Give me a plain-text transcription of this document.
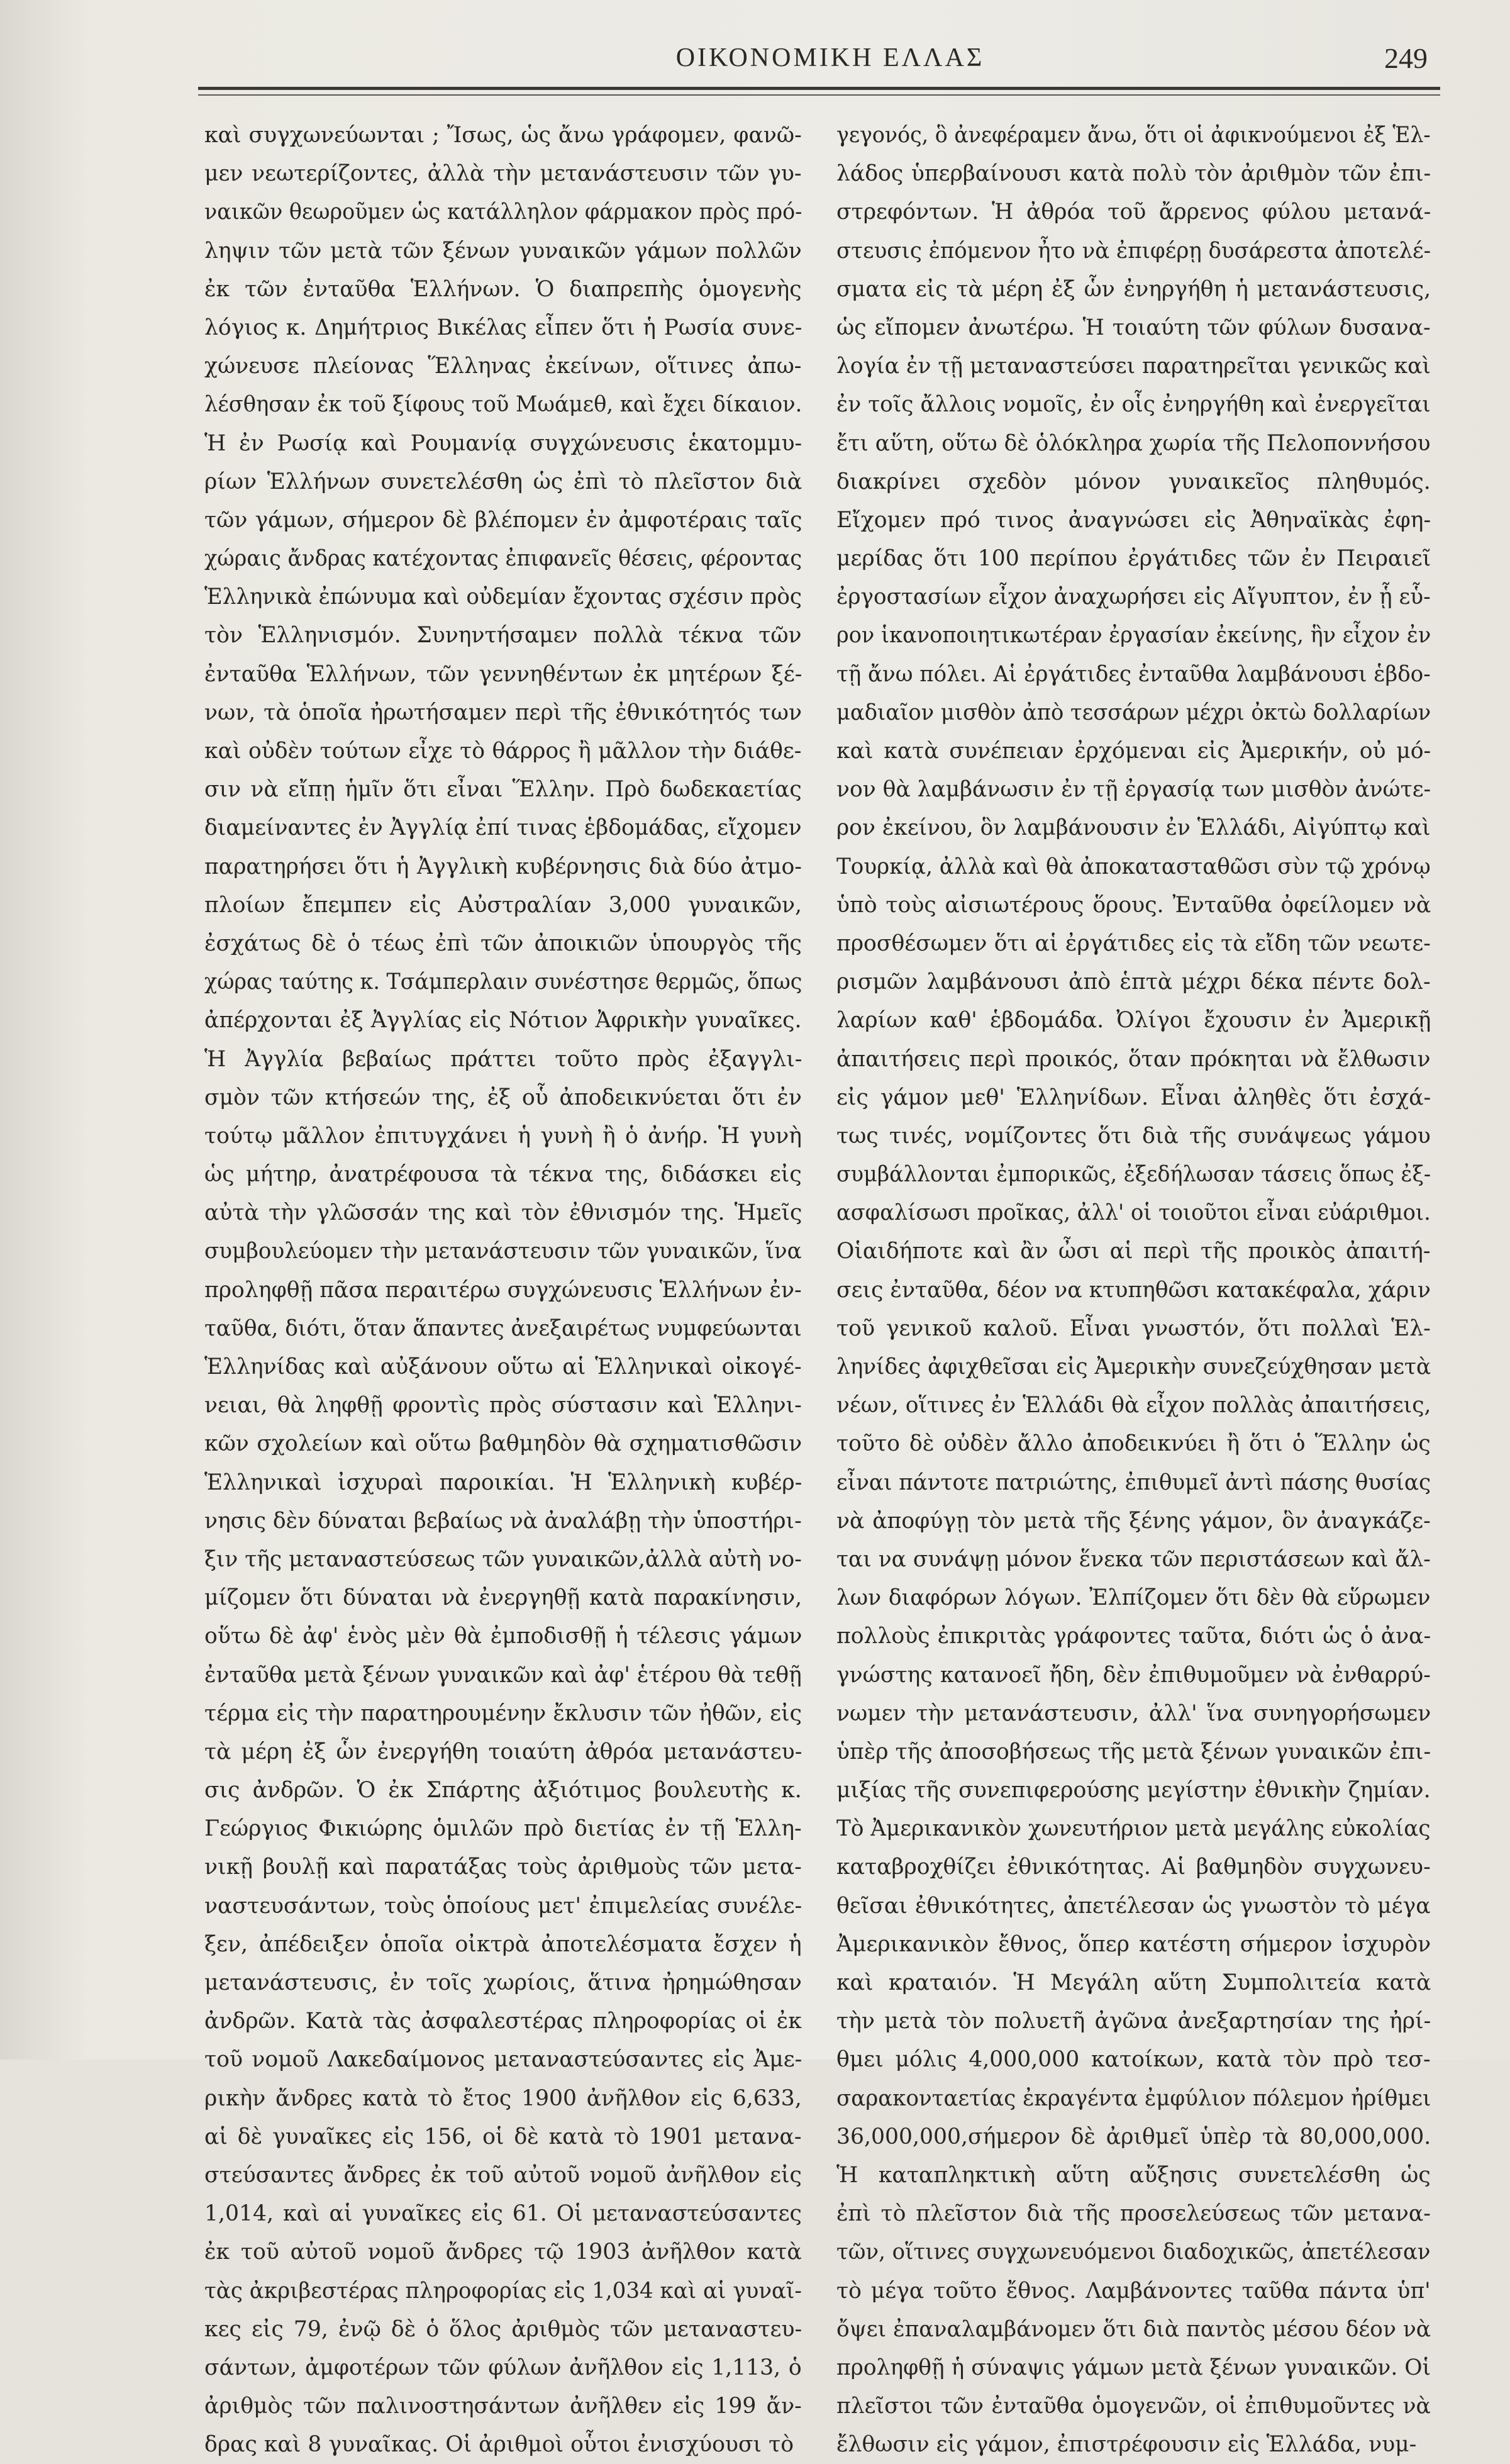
ΟΙΚΟΝΟΜΙΚΗ ΕΛΛΑΣ	249
καὶ συγχωνεύωνται ; Ἴσως, ὡς ἄνω γράφομεν, φανῶ-
μεν νεωτερίζοντες, ἀλλὰ τὴν μετανάστευσιν τῶν γυ-
ναικῶν θεωροῦμεν ὡς κατάλληλον φάρμακον πρὸς πρό-
ληψιν τῶν μετὰ τῶν ξένων γυναικῶν γάμων πολλῶν
ἐκ τῶν ἐνταῦθα Ἑλλήνων. Ὁ διαπρεπὴς ὁμογενὴς
λόγιος κ. Δημήτριος Βικέλας εἶπεν ὅτι ἡ Ρωσία συνε-
χώνευσε πλείονας Ἕλληνας ἐκείνων, οἵτινες ἀπω-
λέσθησαν ἐκ τοῦ ξίφους τοῦ Μωάμεθ, καὶ ἔχει δίκαιον.
Ἡ ἐν Ρωσίᾳ καὶ Ρουμανίᾳ συγχώνευσις ἑκατομμυ-
ρίων Ἑλλήνων συνετελέσθη ὡς ἐπὶ τὸ πλεῖστον διὰ
τῶν γάμων, σήμερον δὲ βλέπομεν ἐν ἀμφοτέραις ταῖς
χώραις ἄνδρας κατέχοντας ἐπιφανεῖς θέσεις, φέροντας
Ἑλληνικὰ ἐπώνυμα καὶ οὐδεμίαν ἔχοντας σχέσιν πρὸς
τὸν Ἑλληνισμόν. Συνηντήσαμεν πολλὰ τέκνα τῶν
ἐνταῦθα Ἑλλήνων, τῶν γεννηθέντων ἐκ μητέρων ξέ-
νων, τὰ ὁποῖα ἠρωτήσαμεν περὶ τῆς ἐθνικότητός των
καὶ οὐδὲν τούτων εἶχε τὸ θάρρος ἢ μᾶλλον τὴν διάθε-
σιν νὰ εἴπῃ ἡμῖν ὅτι εἶναι Ἕλλην. Πρὸ δωδεκαετίας
διαμείναντες ἐν Ἀγγλίᾳ ἐπί τινας ἑβδομάδας, εἴχομεν
παρατηρήσει ὅτι ἡ Ἀγγλικὴ κυβέρνησις διὰ δύο ἀτμο-
πλοίων ἔπεμπεν εἰς Αὐστραλίαν 3,000 γυναικῶν,
ἐσχάτως δὲ ὁ τέως ἐπὶ τῶν ἀποικιῶν ὑπουργὸς τῆς
χώρας ταύτης κ. Τσάμπερλαιν συνέστησε θερμῶς, ὅπως
ἀπέρχονται ἐξ Ἀγγλίας εἰς Νότιον Ἀφρικὴν γυναῖκες.
Ἡ Ἀγγλία βεβαίως πράττει τοῦτο πρὸς ἐξαγγλι-
σμὸν τῶν κτήσεών της, ἐξ οὗ ἀποδεικνύεται ὅτι ἐν
τούτῳ μᾶλλον ἐπιτυγχάνει ἡ γυνὴ ἢ ὁ ἀνήρ. Ἡ γυνὴ
ὡς μήτηρ, ἀνατρέφουσα τὰ τέκνα της, διδάσκει εἰς
αὐτὰ τὴν γλῶσσάν της καὶ τὸν ἐθνισμόν της. Ἡμεῖς
συμβουλεύομεν τὴν μετανάστευσιν τῶν γυναικῶν, ἵνα
προληφθῇ πᾶσα περαιτέρω συγχώνευσις Ἑλλήνων ἐν-
ταῦθα, διότι, ὅταν ἅπαντες ἀνεξαιρέτως νυμφεύωνται
Ἑλληνίδας καὶ αὐξάνουν οὕτω αἱ Ἑλληνικαὶ οἰκογέ-
νειαι, θὰ ληφθῇ φροντὶς πρὸς σύστασιν καὶ Ἑλληνι-
κῶν σχολείων καὶ οὕτω βαθμηδὸν θὰ σχηματισθῶσιν
Ἑλληνικαὶ ἰσχυραὶ παροικίαι. Ἡ Ἑλληνικὴ κυβέρ-
νησις δὲν δύναται βεβαίως νὰ ἀναλάβῃ τὴν ὑποστήρι-
ξιν τῆς μεταναστεύσεως τῶν γυναικῶν,ἀλλὰ αὐτὴ νο-
μίζομεν ὅτι δύναται νὰ ἐνεργηθῇ κατὰ παρακίνησιν,
οὕτω δὲ ἀφ' ἑνὸς μὲν θὰ ἐμποδισθῇ ἡ τέλεσις γάμων
ἐνταῦθα μετὰ ξένων γυναικῶν καὶ ἀφ' ἑτέρου θὰ τεθῇ
τέρμα εἰς τὴν παρατηρουμένην ἔκλυσιν τῶν ἠθῶν, εἰς
τὰ μέρη ἐξ ὧν ἐνεργήθη τοιαύτη ἀθρόα μετανάστευ-
σις ἀνδρῶν. Ὁ ἐκ Σπάρτης ἀξιότιμος βουλευτὴς κ.
Γεώργιος Φικιώρης ὁμιλῶν πρὸ διετίας ἐν τῇ Ἑλλη-
νικῇ βουλῇ καὶ παρατάξας τοὺς ἀριθμοὺς τῶν μετα-
ναστευσάντων, τοὺς ὁποίους μετ' ἐπιμελείας συνέλε-
ξεν, ἀπέδειξεν ὁποῖα οἰκτρὰ ἀποτελέσματα ἔσχεν ἡ
μετανάστευσις, ἐν τοῖς χωρίοις, ἅτινα ἠρημώθησαν
ἀνδρῶν. Κατὰ τὰς ἀσφαλεστέρας πληροφορίας οἱ ἐκ
τοῦ νομοῦ Λακεδαίμονος μεταναστεύσαντες εἰς Ἀμε-
ρικὴν ἄνδρες κατὰ τὸ ἔτος 1900 ἀνῆλθον εἰς 6,633,
αἱ δὲ γυναῖκες εἰς 156, οἱ δὲ κατὰ τὸ 1901 μετανα-
στεύσαντες ἄνδρες ἐκ τοῦ αὐτοῦ νομοῦ ἀνῆλθον εἰς
1,014, καὶ αἱ γυναῖκες εἰς 61. Οἱ μεταναστεύσαντες
ἐκ τοῦ αὐτοῦ νομοῦ ἄνδρες τῷ 1903 ἀνῆλθον κατὰ
τὰς ἀκριβεστέρας πληροφορίας εἰς 1,034 καὶ αἱ γυναῖ-
κες εἰς 79, ἐνῷ δὲ ὁ ὅλος ἀριθμὸς τῶν μεταναστευ-
σάντων, ἀμφοτέρων τῶν φύλων ἀνῆλθον εἰς 1,113, ὁ
ἀριθμὸς τῶν παλινοστησάντων ἀνῆλθεν εἰς 199 ἄν-
δρας καὶ 8 γυναῖκας. Οἱ ἀριθμοὶ οὗτοι ἐνισχύουσι τὸ
γεγονός, ὃ ἀνεφέραμεν ἄνω, ὅτι οἱ ἀφικνούμενοι ἐξ Ἑλ-
λάδος ὑπερβαίνουσι κατὰ πολὺ τὸν ἀριθμὸν τῶν ἐπι-
στρεφόντων. Ἡ ἀθρόα τοῦ ἄρρενος φύλου μετανά-
στευσις ἐπόμενον ἦτο νὰ ἐπιφέρῃ δυσάρεστα ἀποτελέ-
σματα εἰς τὰ μέρη ἐξ ὧν ἐνηργήθη ἡ μετανάστευσις,
ὡς εἴπομεν ἀνωτέρω. Ἡ τοιαύτη τῶν φύλων δυσανα-
λογία ἐν τῇ μεταναστεύσει παρατηρεῖται γενικῶς καὶ
ἐν τοῖς ἄλλοις νομοῖς, ἐν οἷς ἐνηργήθη καὶ ἐνεργεῖται
ἔτι αὕτη, οὕτω δὲ ὁλόκληρα χωρία τῆς Πελοποννήσου
διακρίνει σχεδὸν μόνον γυναικεῖος πληθυμός.
Εἴχομεν πρό τινος ἀναγνώσει εἰς Ἀθηναϊκὰς ἐφη-
μερίδας ὅτι 100 περίπου ἐργάτιδες τῶν ἐν Πειραιεῖ
ἐργοστασίων εἶχον ἀναχωρήσει εἰς Αἴγυπτον, ἐν ᾗ εὗ-
ρον ἱκανοποιητικωτέραν ἐργασίαν ἐκείνης, ἣν εἶχον ἐν
τῇ ἄνω πόλει. Αἱ ἐργάτιδες ἐνταῦθα λαμβάνουσι ἑβδο-
μαδιαῖον μισθὸν ἀπὸ τεσσάρων μέχρι ὀκτὼ δολλαρίων
καὶ κατὰ συνέπειαν ἐρχόμεναι εἰς Ἀμερικήν, οὐ μό-
νον θὰ λαμβάνωσιν ἐν τῇ ἐργασίᾳ των μισθὸν ἀνώτε-
ρον ἐκείνου, ὃν λαμβάνουσιν ἐν Ἑλλάδι, Αἰγύπτῳ καὶ
Τουρκίᾳ, ἀλλὰ καὶ θὰ ἀποκατασταθῶσι σὺν τῷ χρόνῳ
ὑπὸ τοὺς αἰσιωτέρους ὅρους. Ἐνταῦθα ὀφείλομεν νὰ
προσθέσωμεν ὅτι αἱ ἐργάτιδες εἰς τὰ εἴδη τῶν νεωτε-
ρισμῶν λαμβάνουσι ἀπὸ ἑπτὰ μέχρι δέκα πέντε δολ-
λαρίων καθ' ἑβδομάδα. Ὀλίγοι ἔχουσιν ἐν Ἀμερικῇ
ἀπαιτήσεις περὶ προικός, ὅταν πρόκηται νὰ ἔλθωσιν
εἰς γάμον μεθ' Ἑλληνίδων. Εἶναι ἀληθὲς ὅτι ἐσχά-
τως τινές, νομίζοντες ὅτι διὰ τῆς συνάψεως γάμου
συμβάλλονται ἐμπορικῶς, ἐξεδήλωσαν τάσεις ὅπως ἐξ-
ασφαλίσωσι προῖκας, ἀλλ' οἱ τοιοῦτοι εἶναι εὐάριθμοι.
Οἱαιδήποτε καὶ ἂν ὦσι αἱ περὶ τῆς προικὸς ἀπαιτή-
σεις ἐνταῦθα, δέον να κτυπηθῶσι κατακέφαλα, χάριν
τοῦ γενικοῦ καλοῦ. Εἶναι γνωστόν, ὅτι πολλαὶ Ἑλ-
ληνίδες ἀφιχθεῖσαι εἰς Ἀμερικὴν συνεζεύχθησαν μετὰ
νέων, οἵτινες ἐν Ἑλλάδι θὰ εἶχον πολλὰς ἀπαιτήσεις,
τοῦτο δὲ οὐδὲν ἄλλο ἀποδεικνύει ἢ ὅτι ὁ Ἕλλην ὡς
εἶναι πάντοτε πατριώτης, ἐπιθυμεῖ ἀντὶ πάσης θυσίας
νὰ ἀποφύγῃ τὸν μετὰ τῆς ξένης γάμον, ὃν ἀναγκάζε-
ται να συνάψῃ μόνον ἕνεκα τῶν περιστάσεων καὶ ἄλ-
λων διαφόρων λόγων. Ἐλπίζομεν ὅτι δὲν θὰ εὕρωμεν
πολλοὺς ἐπικριτὰς γράφοντες ταῦτα, διότι ὡς ὁ ἀνα-
γνώστης κατανοεῖ ἤδη, δὲν ἐπιθυμοῦμεν νὰ ἐνθαρρύ-
νωμεν τὴν μετανάστευσιν, ἀλλ' ἵνα συνηγορήσωμεν
ὑπὲρ τῆς ἀποσοβήσεως τῆς μετὰ ξένων γυναικῶν ἐπι-
μιξίας τῆς συνεπιφερούσης μεγίστην ἐθνικὴν ζημίαν.
Τὸ Ἀμερικανικὸν χωνευτήριον μετὰ μεγάλης εὐκολίας
καταβροχθίζει ἐθνικότητας. Αἱ βαθμηδὸν συγχωνευ-
θεῖσαι ἐθνικότητες, ἀπετέλεσαν ὡς γνωστὸν τὸ μέγα
Ἀμερικανικὸν ἔθνος, ὅπερ κατέστη σήμερον ἰσχυρὸν
καὶ κραταιόν. Ἡ Μεγάλη αὕτη Συμπολιτεία κατὰ
τὴν μετὰ τὸν πολυετῆ ἀγῶνα ἀνεξαρτησίαν της ἠρί-
θμει μόλις 4,000,000 κατοίκων, κατὰ τὸν πρὸ τεσ-
σαρακονταετίας ἐκραγέντα ἐμφύλιον πόλεμον ἠρίθμει
36,000,000,σήμερον δὲ ἀριθμεῖ ὑπὲρ τὰ 80,000,000.
Ἡ καταπληκτικὴ αὕτη αὔξησις συνετελέσθη ὡς
ἐπὶ τὸ πλεῖστον διὰ τῆς προσελεύσεως τῶν μετανα-
τῶν, οἵτινες συγχωνευόμενοι διαδοχικῶς, ἀπετέλεσαν
τὸ μέγα τοῦτο ἔθνος. Λαμβάνοντες ταῦθα πάντα ὑπ'
ὄψει ἐπαναλαμβάνομεν ὅτι διὰ παντὸς μέσου δέον νὰ
προληφθῇ ἡ σύναψις γάμων μετὰ ξένων γυναικῶν. Οἱ
πλεῖστοι τῶν ἐνταῦθα ὁμογενῶν, οἱ ἐπιθυμοῦντες νὰ
ἔλθωσιν εἰς γάμον, ἐπιστρέφουσιν εἰς Ἑλλάδα, νυμ-
